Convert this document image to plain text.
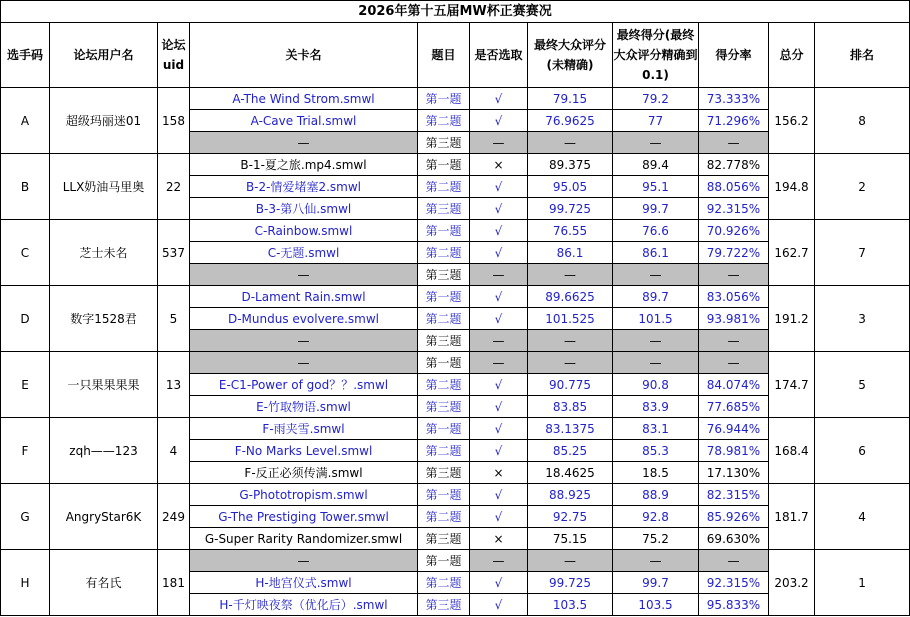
2026年第十五届MW杯正赛赛况										
选手码	论坛用户名	论坛uid	关卡名	题目	是否选取	最终大众评分(未精确)	最终得分(最终大众评分精确到0.1)	得分率	总分	排名
A	超级玛丽迷01	158	A-The Wind Strom.smwl	第一题	√	79.15	79.2	73.333%	156.2	8
			A-Cave Trial.smwl	第二题	√	76.9625	77	71.296%		
			—	第三题	—	—	—	—		
B	LLX奶油马里奥	22	B-1-夏之旅.mp4.smwl	第一题	×	89.375	89.4	82.778%	194.8	2
			B-2-情爱堵塞2.smwl	第二题	√	95.05	95.1	88.056%		
			B-3-第八仙.smwl	第三题	√	99.725	99.7	92.315%		
C	芝士未名	537	C-Rainbow.smwl	第一题	√	76.55	76.6	70.926%	162.7	7
			C-无题.smwl	第二题	√	86.1	86.1	79.722%		
			—	第三题	—	—	—	—		
D	数字1528君	5	D-Lament Rain.smwl	第一题	√	89.6625	89.7	83.056%	191.2	3
			D-Mundus evolvere.smwl	第二题	√	101.525	101.5	93.981%		
			—	第三题	—	—	—	—		
E	一只果果果果	13	—	第一题	—	—	—	—	174.7	5
			E-C1-Power of god？？.smwl	第二题	√	90.775	90.8	84.074%		
			E-竹取物语.smwl	第三题	√	83.85	83.9	77.685%		
F	zqh——123	4	F-雨夹雪.smwl	第一题	√	83.1375	83.1	76.944%	168.4	6
			F-No Marks Level.smwl	第二题	√	85.25	85.3	78.981%		
			F-反正必须传满.smwl	第三题	×	18.4625	18.5	17.130%		
G	AngryStar6K	249	G-Phototropism.smwl	第一题	√	88.925	88.9	82.315%	181.7	4
			G-The Prestiging Tower.smwl	第二题	√	92.75	92.8	85.926%		
			G-Super Rarity Randomizer.smwl	第三题	×	75.15	75.2	69.630%		
H	有名氏	181	—	第一题	—	—	—	—	203.2	1
			H-地宫仪式.smwl	第二题	√	99.725	99.7	92.315%		
			H-千灯映夜祭（优化后）.smwl	第三题	√	103.5	103.5	95.833%		
